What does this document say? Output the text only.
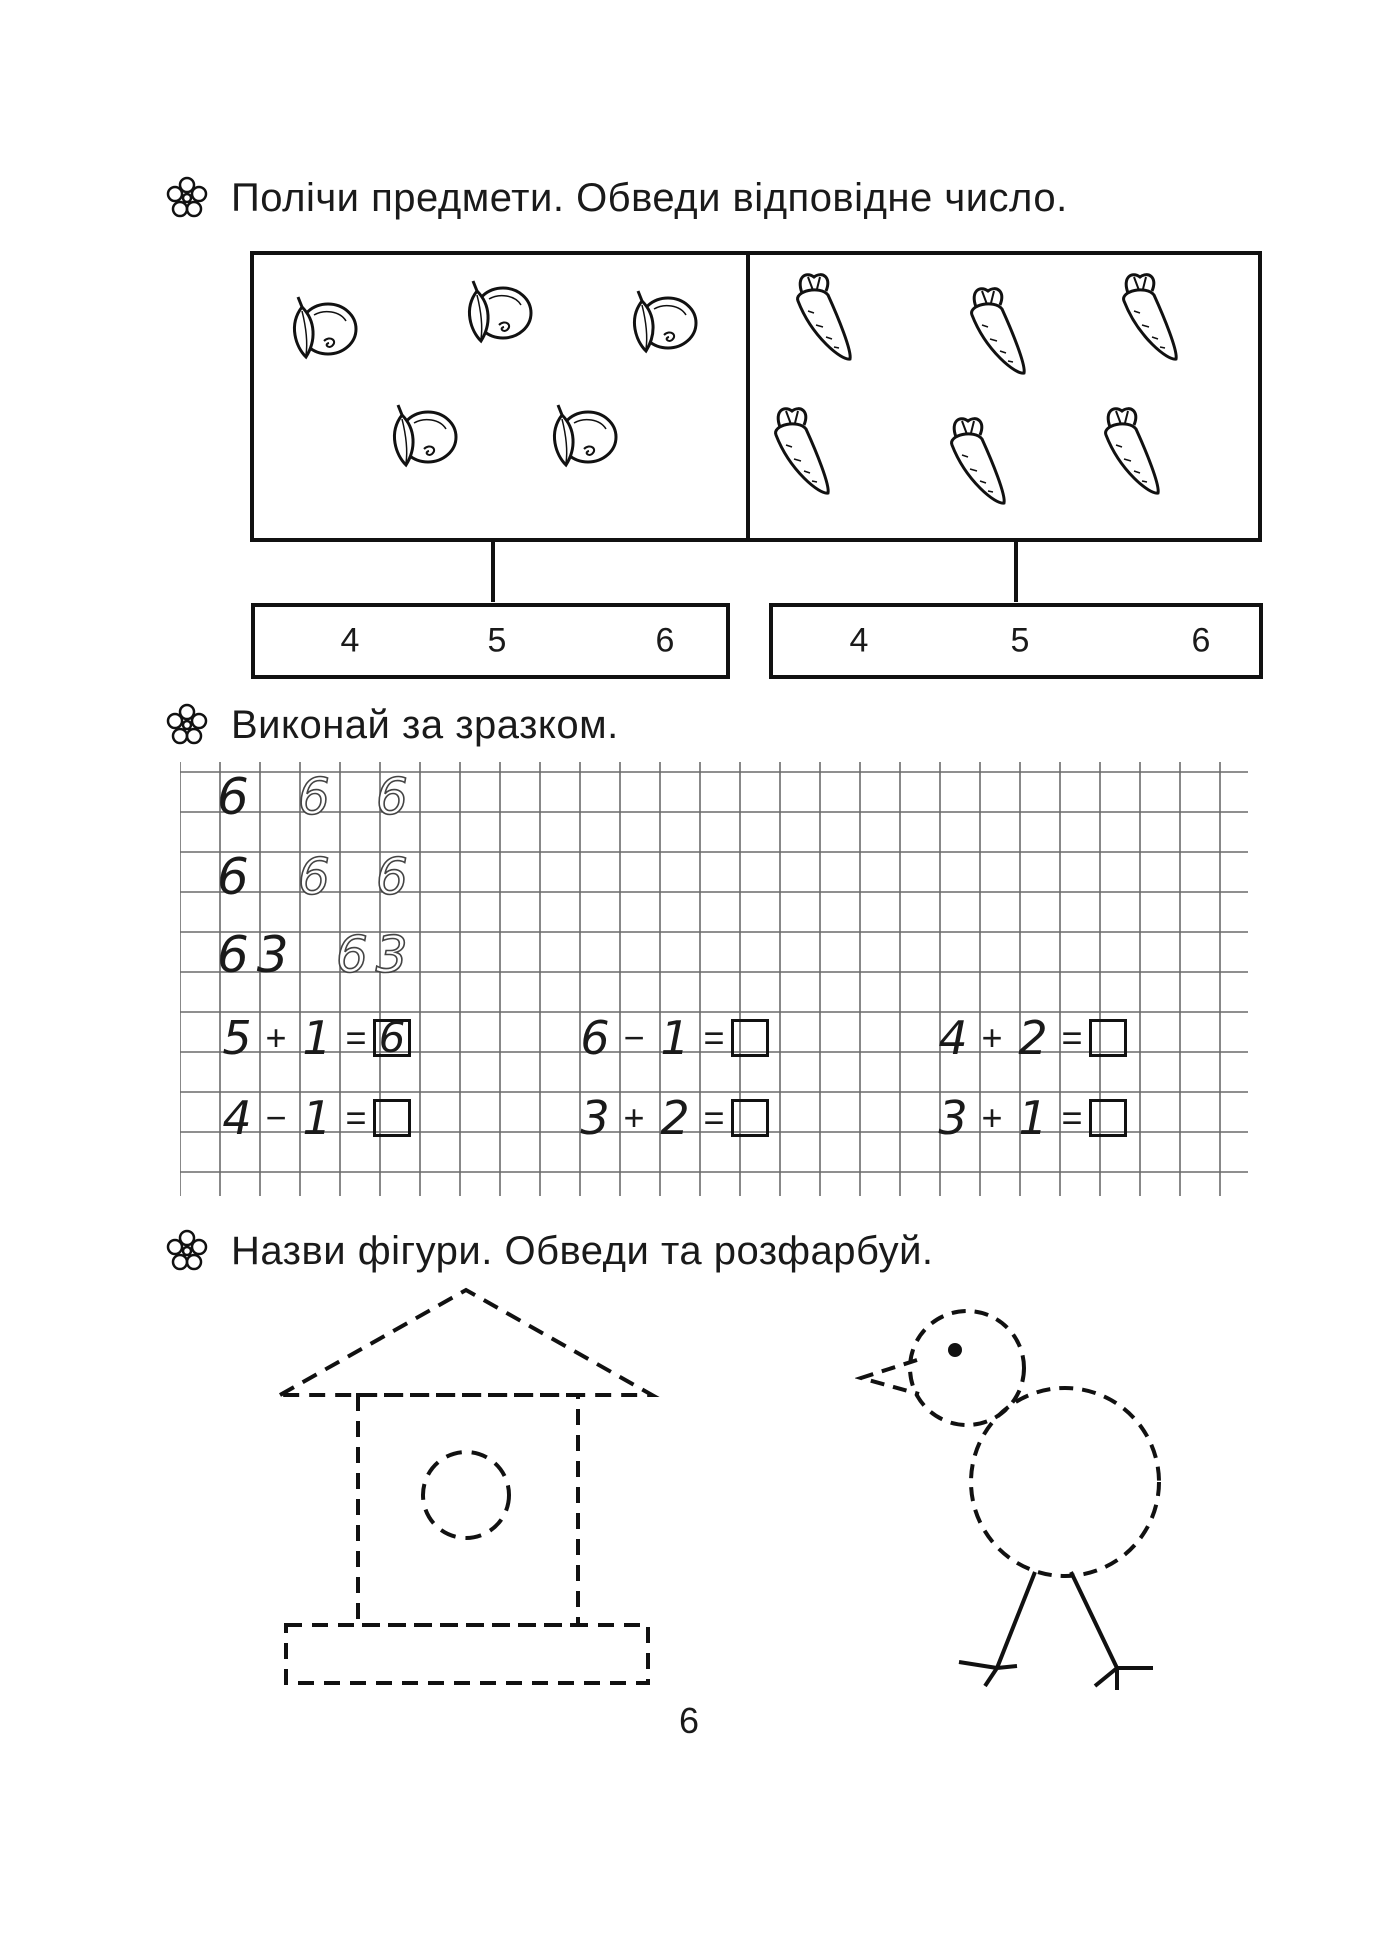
Полічи предмети. Обведи відповідне число.
4	5	6	4	5	6
Виконай за зразком.
6 6 6
6 6 6
6 3 6 3
5 + 1 = 6	6 − 1 =	4 + 2 =
4 − 1 =	3 + 2 =	3 + 1 =
Назви фігури. Обведи та розфарбуй.
6
